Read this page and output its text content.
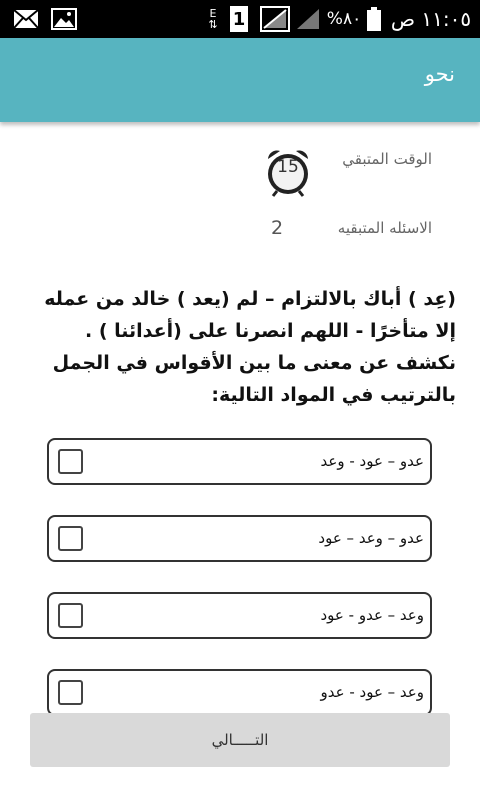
E
⇅ 1	٨٠% ١١:٠٥ ص
نحو
الوقت المتبقي
15
الاسئله المتبقيه
2
(عِد ) أباك بالالتزام – لم (يعد ) خالد من عمله إلا متأخرًا - اللهم انصرنا على (أعدائنا ) . نكشف عن معنى ما بين الأقواس في الجمل بالترتيب في المواد التالية:
عدو – عود - وعد
عدو – وعد – عود
وعد – عدو - عود
وعد – عود - عدو
التـــــالي
